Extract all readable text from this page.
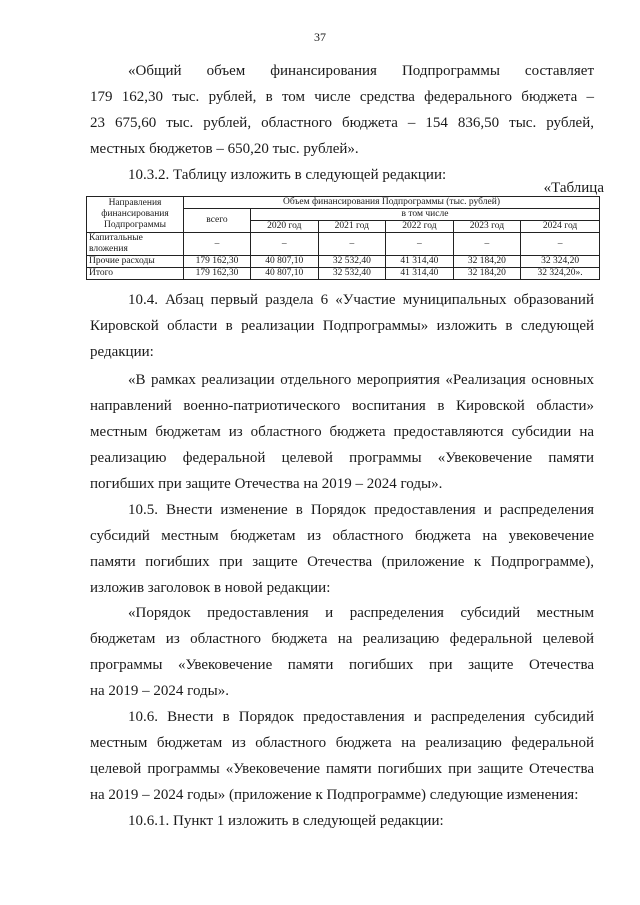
37

«Общий объем финансирования Подпрограммы составляет
179 162,30 тыс. рублей, в том числе средства федерального бюджета –
23 675,60 тыс. рублей, областного бюджета – 154 836,50 тыс. рублей,
местных бюджетов – 650,20 тыс. рублей».

10.3.2. Таблицу изложить в следующей редакции:

«Таблица
Направления финансирования Подпрограммы	Объем финансирования Подпрограммы (тыс. рублей)					
	всего	в том числе				
		2020 год	2021 год	2022 год	2023 год	2024 год
Капитальные вложения	–	–	–	–	–	–
Прочие расходы	179 162,30	40 807,10	32 532,40	41 314,40	32 184,20	32 324,20
Итого	179 162,30	40 807,10	32 532,40	41 314,40	32 184,20	32 324,20».

10.4. Абзац первый раздела 6 «Участие муниципальных образований
Кировской области в реализации Подпрограммы» изложить в следующей
редакции:

«В рамках реализации отдельного мероприятия «Реализация основных
направлений военно-патриотического воспитания в Кировской области»
местным бюджетам из областного бюджета предоставляются субсидии на
реализацию федеральной целевой программы «Увековечение памяти
погибших при защите Отечества на 2019 – 2024 годы».

10.5. Внести изменение в Порядок предоставления и распределения
субсидий местным бюджетам из областного бюджета на увековечение
памяти погибших при защите Отечества (приложение к Подпрограмме),
изложив заголовок в новой редакции:

«Порядок предоставления и распределения субсидий местным
бюджетам из областного бюджета на реализацию федеральной целевой
программы «Увековечение памяти погибших при защите Отечества
на 2019 – 2024 годы».

10.6. Внести в Порядок предоставления и распределения субсидий
местным бюджетам из областного бюджета на реализацию федеральной
целевой программы «Увековечение памяти погибших при защите Отечества
на 2019 – 2024 годы» (приложение к Подпрограмме) следующие изменения:

10.6.1. Пункт 1 изложить в следующей редакции:
